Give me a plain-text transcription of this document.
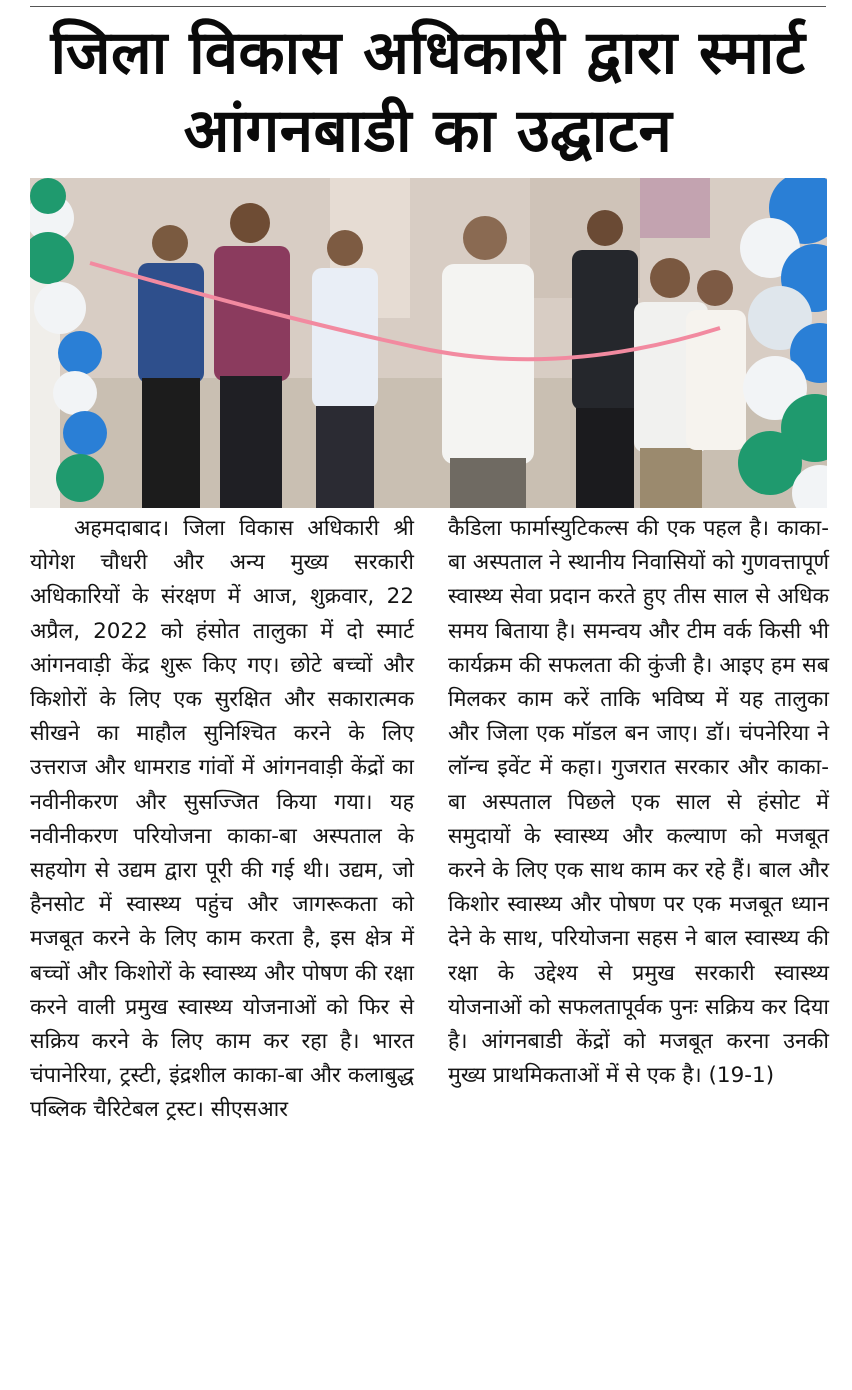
जिला विकास अधिकारी द्वारा स्मार्ट
आंगनबाडी का उद्घाटन

अहमदाबाद। जिला विकास अधिकारी श्री योगेश चौधरी और अन्य मुख्य सरकारी अधिकारियों के संरक्षण में आज, शुक्रवार, 22 अप्रैल, 2022 को हंसोत तालुका में दो स्मार्ट आंगनवाड़ी केंद्र शुरू किए गए। छोटे बच्चों और किशोरों के लिए एक सुरक्षित और सकारात्मक सीखने का माहौल सुनिश्चित करने के लिए उत्तराज और धामराड गांवों में आंगनवाड़ी केंद्रों का नवीनीकरण और सुसज्जित किया गया। यह नवीनीकरण परियोजना काका-बा अस्पताल के सहयोग से उद्यम द्वारा पूरी की गई थी। उद्यम, जो हैनसोट में स्वास्थ्य पहुंच और जागरूकता को मजबूत करने के लिए काम करता है, इस क्षेत्र में बच्चों और किशोरों के स्वास्थ्य और पोषण की रक्षा करने वाली प्रमुख स्वास्थ्य योजनाओं को फिर से सक्रिय करने के लिए काम कर रहा है। भारत चंपानेरिया, ट्रस्टी, इंद्रशील काका-बा और कलाबुद्ध पब्लिक चैरिटेबल ट्रस्ट। सीएसआर

कैडिला फार्मास्युटिकल्स की एक पहल है। काका-बा अस्पताल ने स्थानीय निवासियों को गुणवत्तापूर्ण स्वास्थ्य सेवा प्रदान करते हुए तीस साल से अधिक समय बिताया है। समन्वय और टीम वर्क किसी भी कार्यक्रम की सफलता की कुंजी है। आइए हम सब मिलकर काम करें ताकि भविष्य में यह तालुका और जिला एक मॉडल बन जाए। डॉ। चंपनेरिया ने लॉन्च इवेंट में कहा। गुजरात सरकार और काका-बा अस्पताल पिछले एक साल से हंसोट में समुदायों के स्वास्थ्य और कल्याण को मजबूत करने के लिए एक साथ काम कर रहे हैं। बाल और किशोर स्वास्थ्य और पोषण पर एक मजबूत ध्यान देने के साथ, परियोजना सहस ने बाल स्वास्थ्य की रक्षा के उद्देश्य से प्रमुख सरकारी स्वास्थ्य योजनाओं को सफलतापूर्वक पुनः सक्रिय कर दिया है। आंगनबाडी केंद्रों को मजबूत करना उनकी मुख्य प्राथमिकताओं में से एक है। (19-1)
